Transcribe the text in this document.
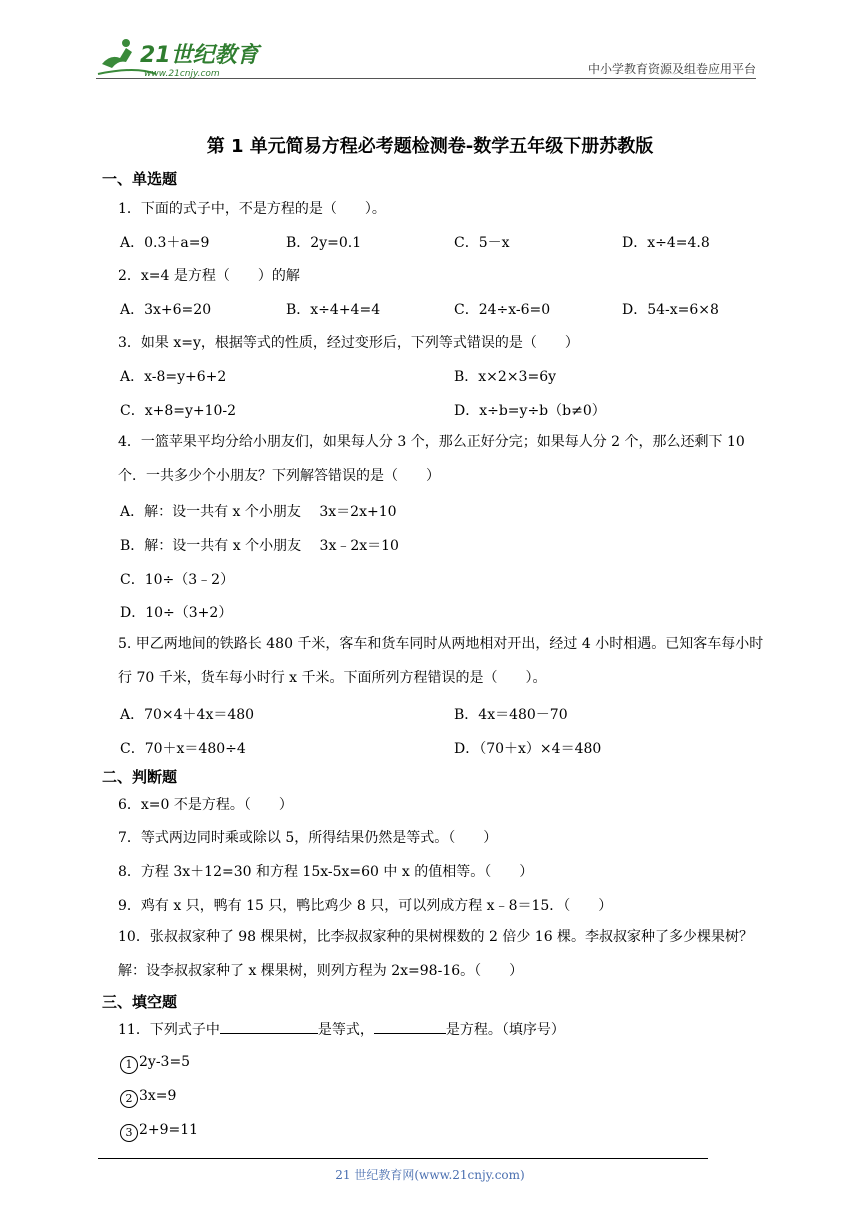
21世纪教育
www.21cnjy.com	中小学教育资源及组卷应用平台
第 1 单元简易方程必考题检测卷-数学五年级下册苏教版
一、单选题
1．下面的式子中，不是方程的是（　　）。
A．0.3＋a=9	B．2y=0.1	C．5－x	D．x÷4=4.8
2．x=4 是方程（　　）的解
A．3x+6=20	B．x÷4+4=4	C．24÷x-6=0	D．54-x=6×8
3．如果 x=y，根据等式的性质，经过变形后，下列等式错误的是（　　）
A．x-8=y+6+2	B．x×2×3=6y
C．x+8=y+10-2	D．x÷b=y÷b（b≠0）
4．一篮苹果平均分给小朋友们，如果每人分 3 个，那么正好分完；如果每人分 2 个，那么还剩下 10 个．一共多少个小朋友？下列解答错误的是（　　）
A．解：设一共有 x 个小朋友　 3x＝2x+10
B．解：设一共有 x 个小朋友　 3x﹣2x＝10
C．10÷（3﹣2）
D．10÷（3+2）
5. 甲乙两地间的铁路长 480 千米，客车和货车同时从两地相对开出，经过 4 小时相遇。已知客车每小时行 70 千米，货车每小时行 x 千米。下面所列方程错误的是（　　）。
A．70×4＋4x＝480	B．4x＝480－70
C．70＋x＝480÷4	D．（70＋x）×4＝480
二、判断题
6．x=0 不是方程。（　　）
7．等式两边同时乘或除以 5，所得结果仍然是等式。（　　）
8．方程 3x＋12=30 和方程 15x-5x=60 中 x 的值相等。（　　）
9．鸡有 x 只，鸭有 15 只，鸭比鸡少 8 只，可以列成方程 x﹣8＝15．（　　）
10．张叔叔家种了 98 棵果树，比李叔叔家种的果树棵数的 2 倍少 16 棵。李叔叔家种了多少棵果树？解：设李叔叔家种了 x 棵果树，则列方程为 2x=98-16。（　　）
三、填空题
11．下列式子中	是等式，	是方程。（填序号）
1 2y-3=5
2 3x=9
3 2+9=11
21 世纪教育网(www.21cnjy.com)
